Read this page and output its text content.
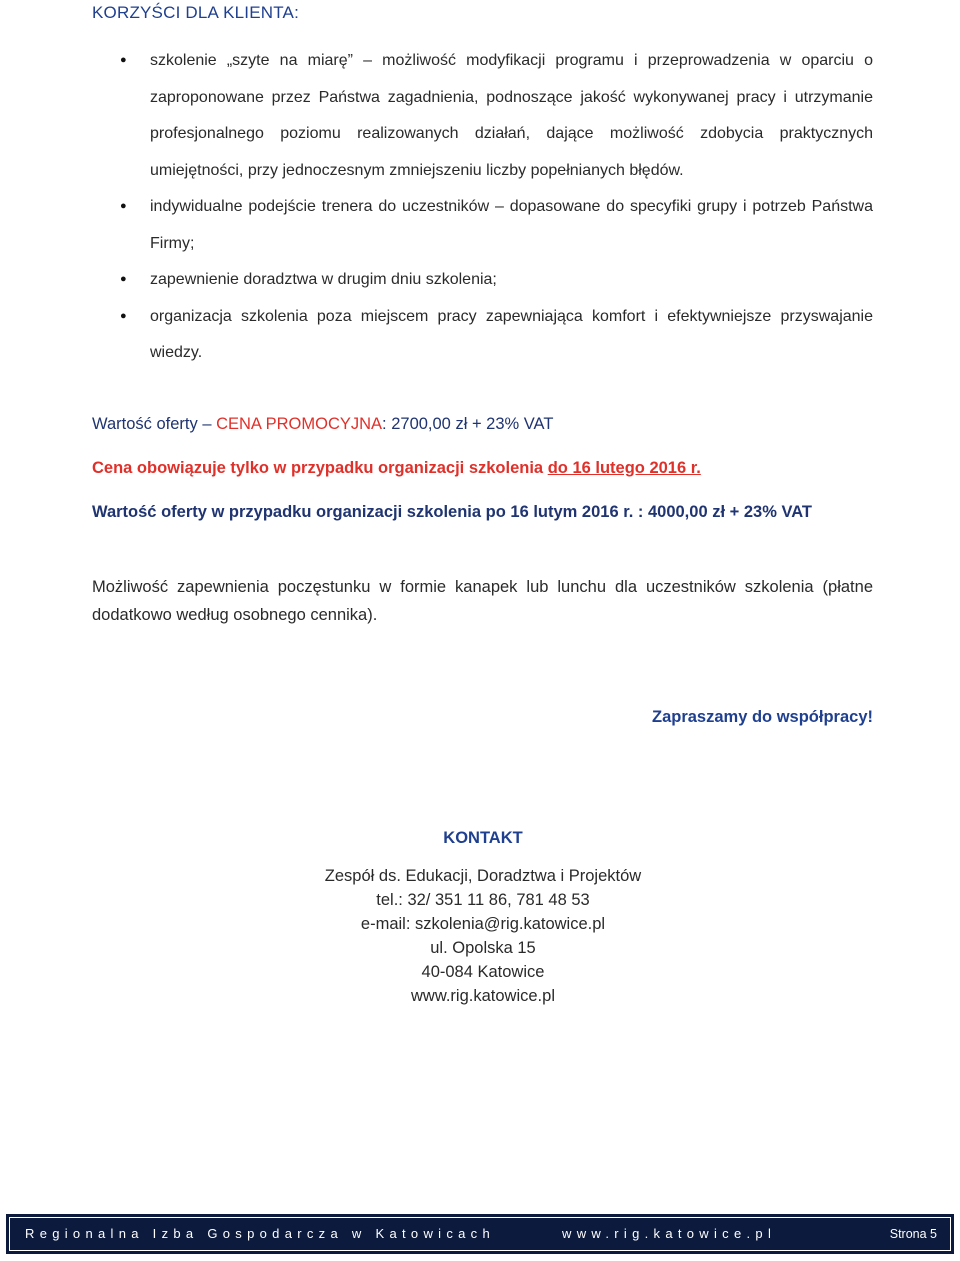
KORZYŚCI DLA KLIENTA:
● szkolenie „szyte na miarę” – możliwość modyfikacji programu i przeprowadzenia w oparciu o zaproponowane przez Państwa zagadnienia, podnoszące jakość wykonywanej pracy i utrzymanie profesjonalnego poziomu realizowanych działań, dające możliwość zdobycia praktycznych umiejętności, przy jednoczesnym zmniejszeniu liczby popełnianych błędów.
● indywidualne podejście trenera do uczestników – dopasowane do specyfiki grupy i potrzeb Państwa Firmy;
● zapewnienie doradztwa w drugim dniu szkolenia;
● organizacja szkolenia poza miejscem pracy zapewniająca komfort i efektywniejsze przyswajanie wiedzy.
Wartość oferty – CENA PROMOCYJNA: 2700,00 zł + 23% VAT
Cena obowiązuje tylko w przypadku organizacji szkolenia do 16 lutego 2016 r.
Wartość oferty w przypadku organizacji szkolenia po 16 lutym 2016 r. : 4000,00 zł + 23% VAT
Możliwość zapewnienia poczęstunku w formie kanapek lub lunchu dla uczestników szkolenia (płatne dodatkowo według osobnego cennika).
Zapraszamy do współpracy!
KONTAKT
Zespół ds. Edukacji, Doradztwa i Projektów
tel.: 32/ 351 11 86, 781 48 53
e-mail: szkolenia@rig.katowice.pl
ul. Opolska 15
40-084 Katowice
www.rig.katowice.pl
Regionalna Izba Gospodarcza w Katowicach	www.rig.katowice.pl	Strona 5
